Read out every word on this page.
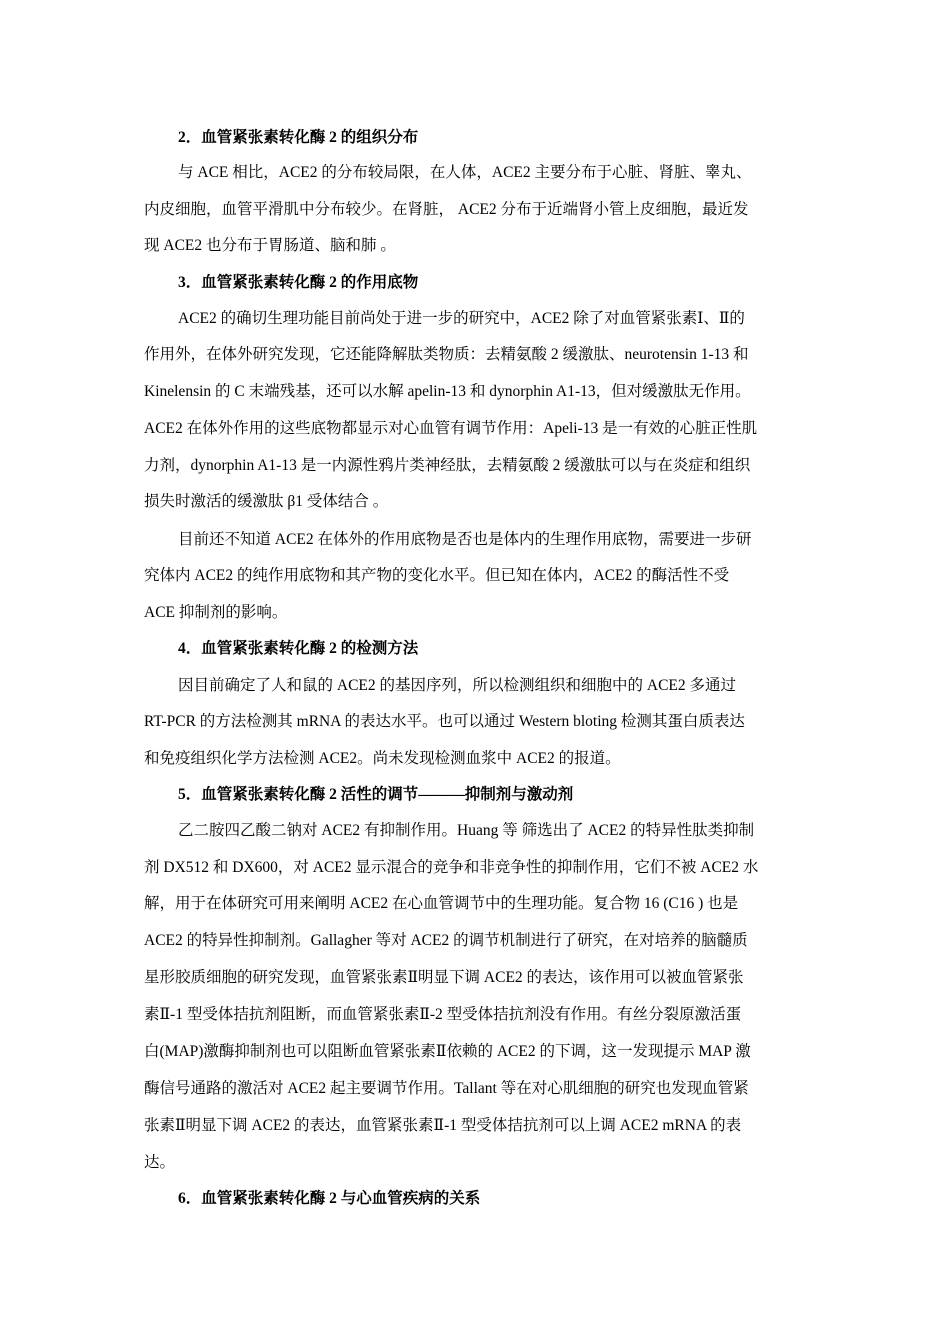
2．血管紧张素转化酶 2 的组织分布
与 ACE 相比，ACE2 的分布较局限，在人体，ACE2 主要分布于心脏、肾脏、睾丸、
内皮细胞，血管平滑肌中分布较少。在肾脏， ACE2 分布于近端肾小管上皮细胞，最近发
现 ACE2 也分布于胃肠道、脑和肺 。
3．血管紧张素转化酶 2 的作用底物
ACE2 的确切生理功能目前尚处于进一步的研究中，ACE2 除了对血管紧张素Ⅰ、Ⅱ的
作用外，在体外研究发现，它还能降解肽类物质：去精氨酸 2 缓激肽、neurotensin 1-13 和
Kinelensin 的 C 末端残基，还可以水解 apelin-13 和 dynorphin A1-13，但对缓激肽无作用。
ACE2 在体外作用的这些底物都显示对心血管有调节作用：Apeli-13 是一有效的心脏正性肌
力剂，dynorphin A1-13 是一内源性鸦片类神经肽，去精氨酸 2 缓激肽可以与在炎症和组织
损失时激活的缓激肽 β1 受体结合 。
目前还不知道 ACE2 在体外的作用底物是否也是体内的生理作用底物，需要进一步研
究体内 ACE2 的纯作用底物和其产物的变化水平。但已知在体内，ACE2 的酶活性不受
ACE 抑制剂的影响。
4．血管紧张素转化酶 2 的检测方法
因目前确定了人和鼠的 ACE2 的基因序列，所以检测组织和细胞中的 ACE2 多通过
RT-PCR 的方法检测其 mRNA 的表达水平。也可以通过 Western bloting 检测其蛋白质表达
和免疫组织化学方法检测 ACE2。尚未发现检测血浆中 ACE2 的报道。
5．血管紧张素转化酶 2 活性的调节———抑制剂与激动剂
乙二胺四乙酸二钠对 ACE2 有抑制作用。Huang 等 筛选出了 ACE2 的特异性肽类抑制
剂 DX512 和 DX600，对 ACE2 显示混合的竞争和非竞争性的抑制作用，它们不被 ACE2 水
解，用于在体研究可用来阐明 ACE2 在心血管调节中的生理功能。复合物 16 (C16 ) 也是
ACE2 的特异性抑制剂。Gallagher 等对 ACE2 的调节机制进行了研究，在对培养的脑髓质
星形胶质细胞的研究发现，血管紧张素Ⅱ明显下调 ACE2 的表达，该作用可以被血管紧张
素Ⅱ-1 型受体拮抗剂阻断，而血管紧张素Ⅱ-2 型受体拮抗剂没有作用。有丝分裂原激活蛋
白(MAP)激酶抑制剂也可以阻断血管紧张素Ⅱ依赖的 ACE2 的下调，这一发现提示 MAP 激
酶信号通路的激活对 ACE2 起主要调节作用。Tallant 等在对心肌细胞的研究也发现血管紧
张素Ⅱ明显下调 ACE2 的表达，血管紧张素Ⅱ-1 型受体拮抗剂可以上调 ACE2 mRNA 的表
达。
6．血管紧张素转化酶 2 与心血管疾病的关系
